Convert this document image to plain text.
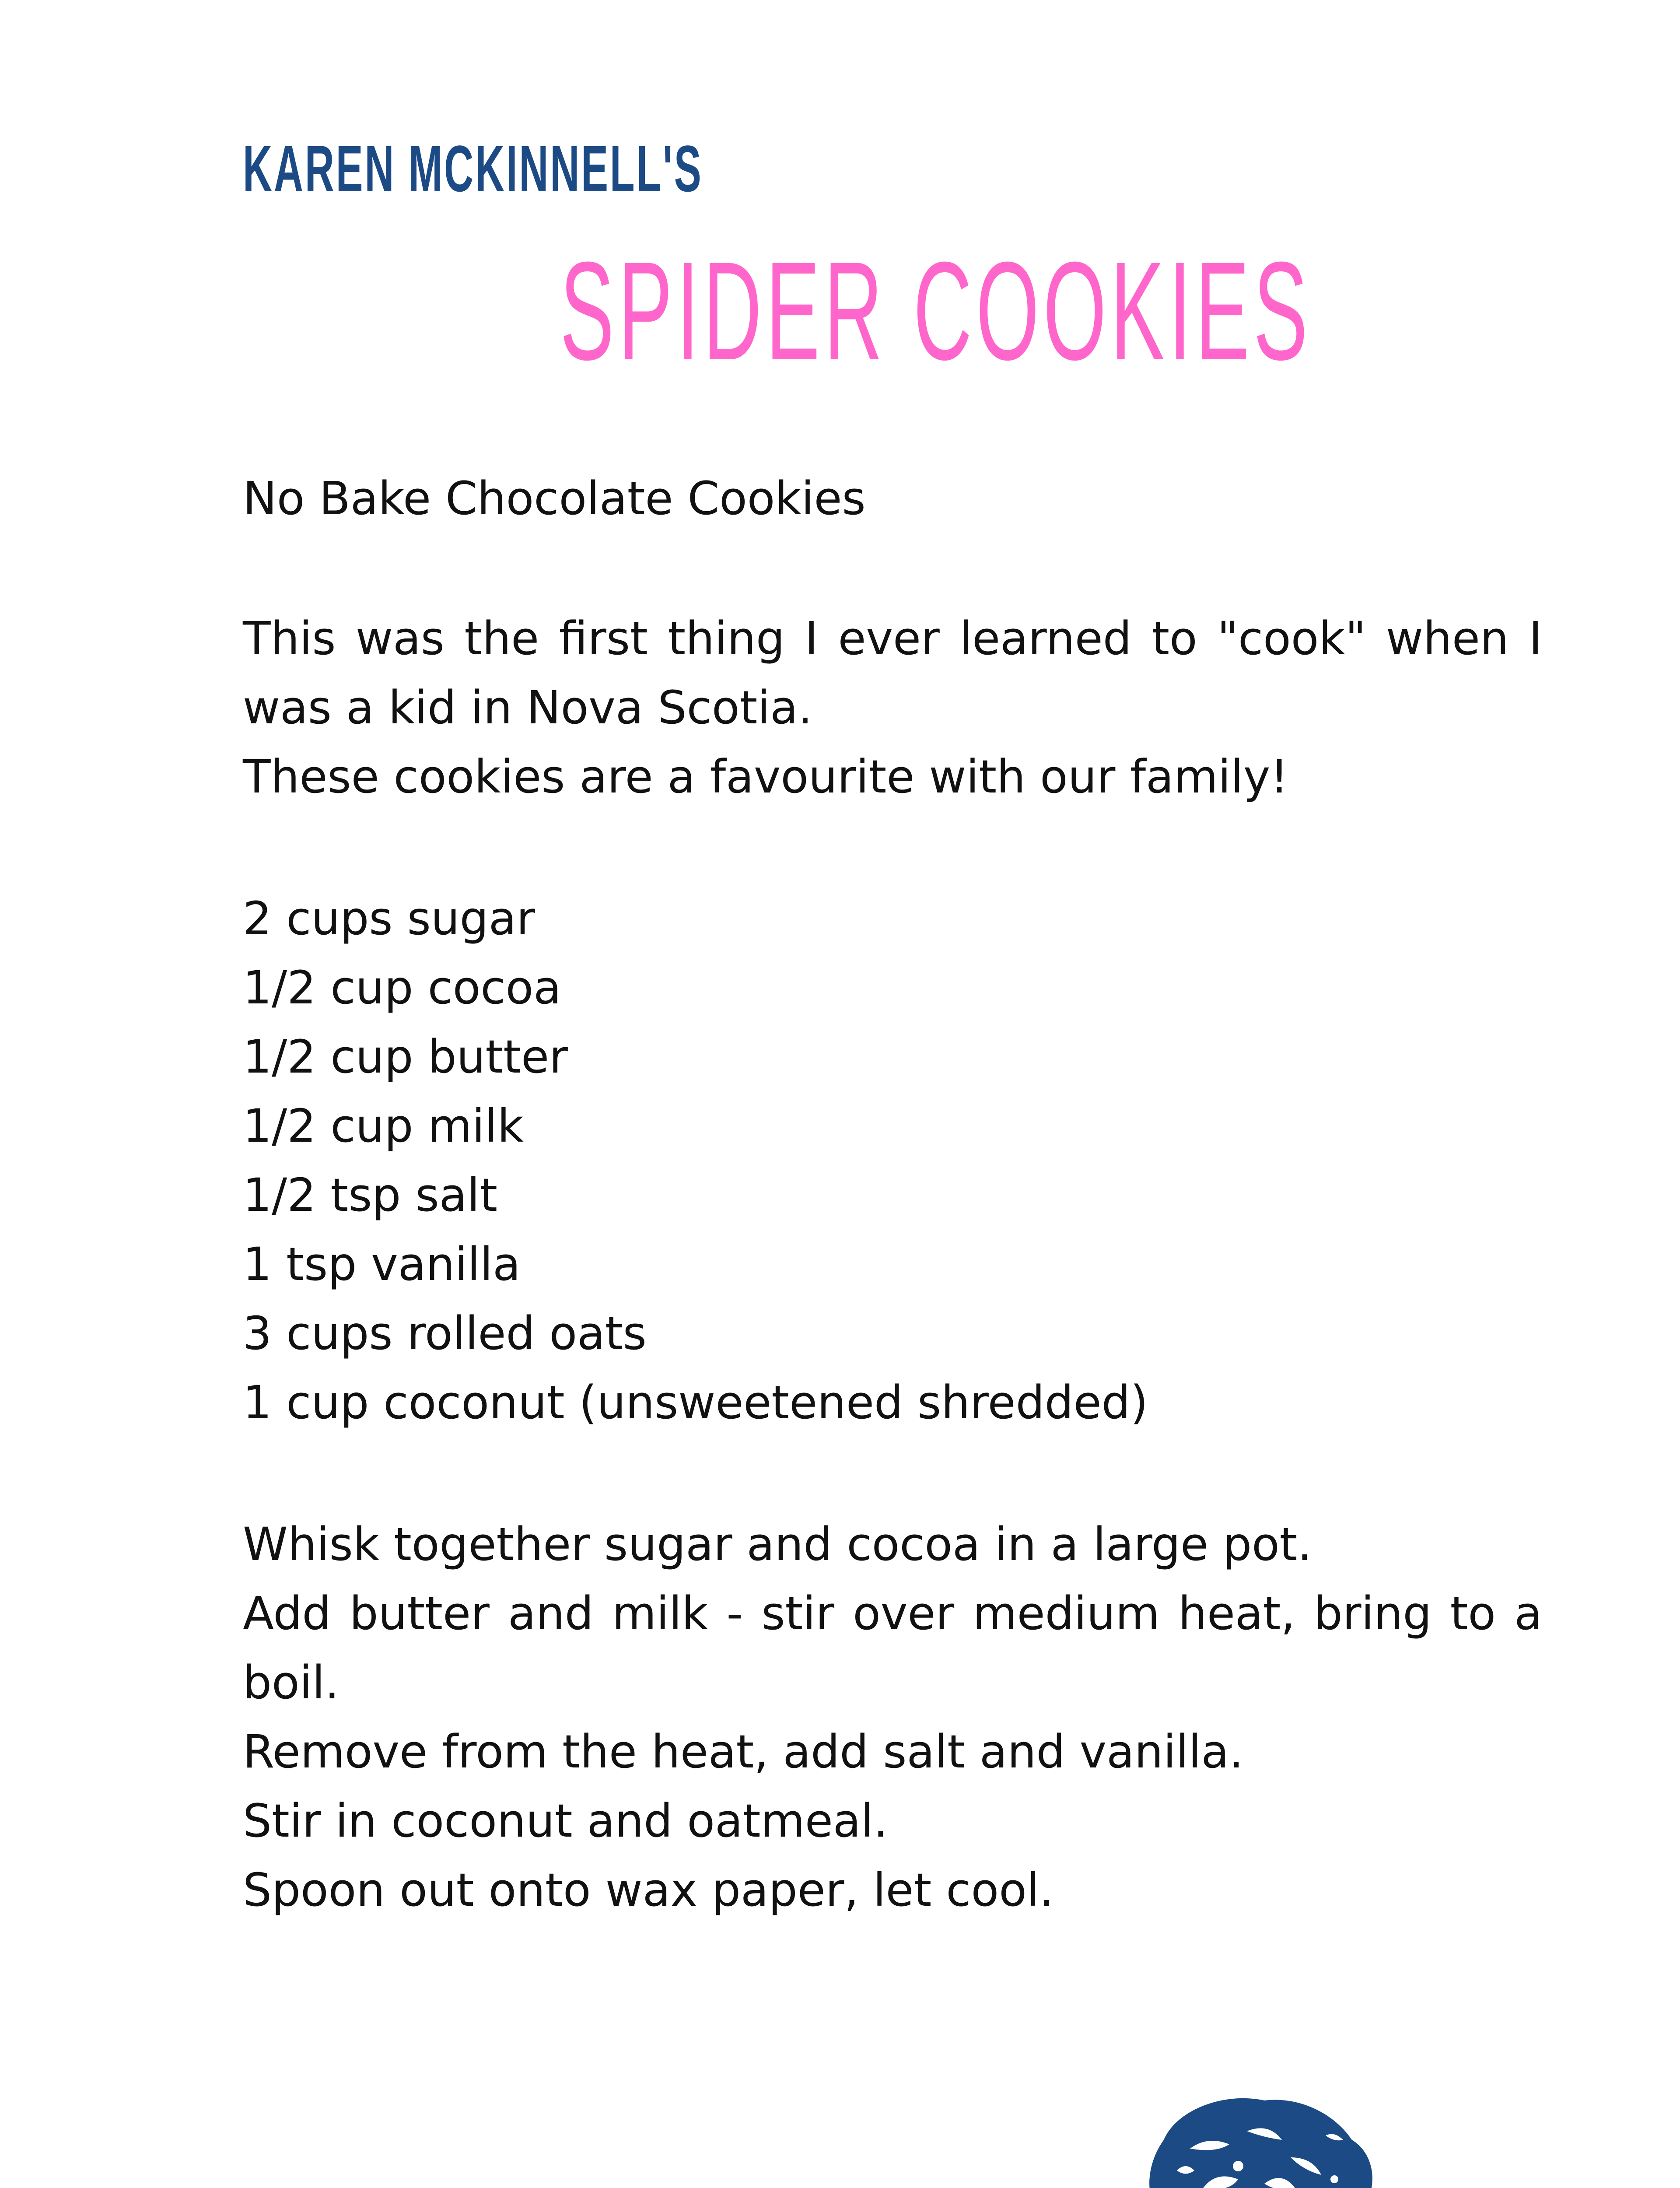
KAREN MCKINNELL'S
SPIDER COOKIES

No Bake Chocolate Cookies

This was the first thing I ever learned to "cook" when I was a kid in Nova Scotia.

These cookies are a favourite with our family!

2 cups sugar
1/2 cup cocoa
1/2 cup butter
1/2 cup milk
1/2 tsp salt
1 tsp vanilla
3 cups rolled oats
1 cup coconut (unsweetened shredded)

Whisk together sugar and cocoa in a large pot.

Add butter and milk - stir over medium heat, bring to a boil.

Remove from the heat, add salt and vanilla.

Stir in coconut and oatmeal.

Spoon out onto wax paper, let cool.
